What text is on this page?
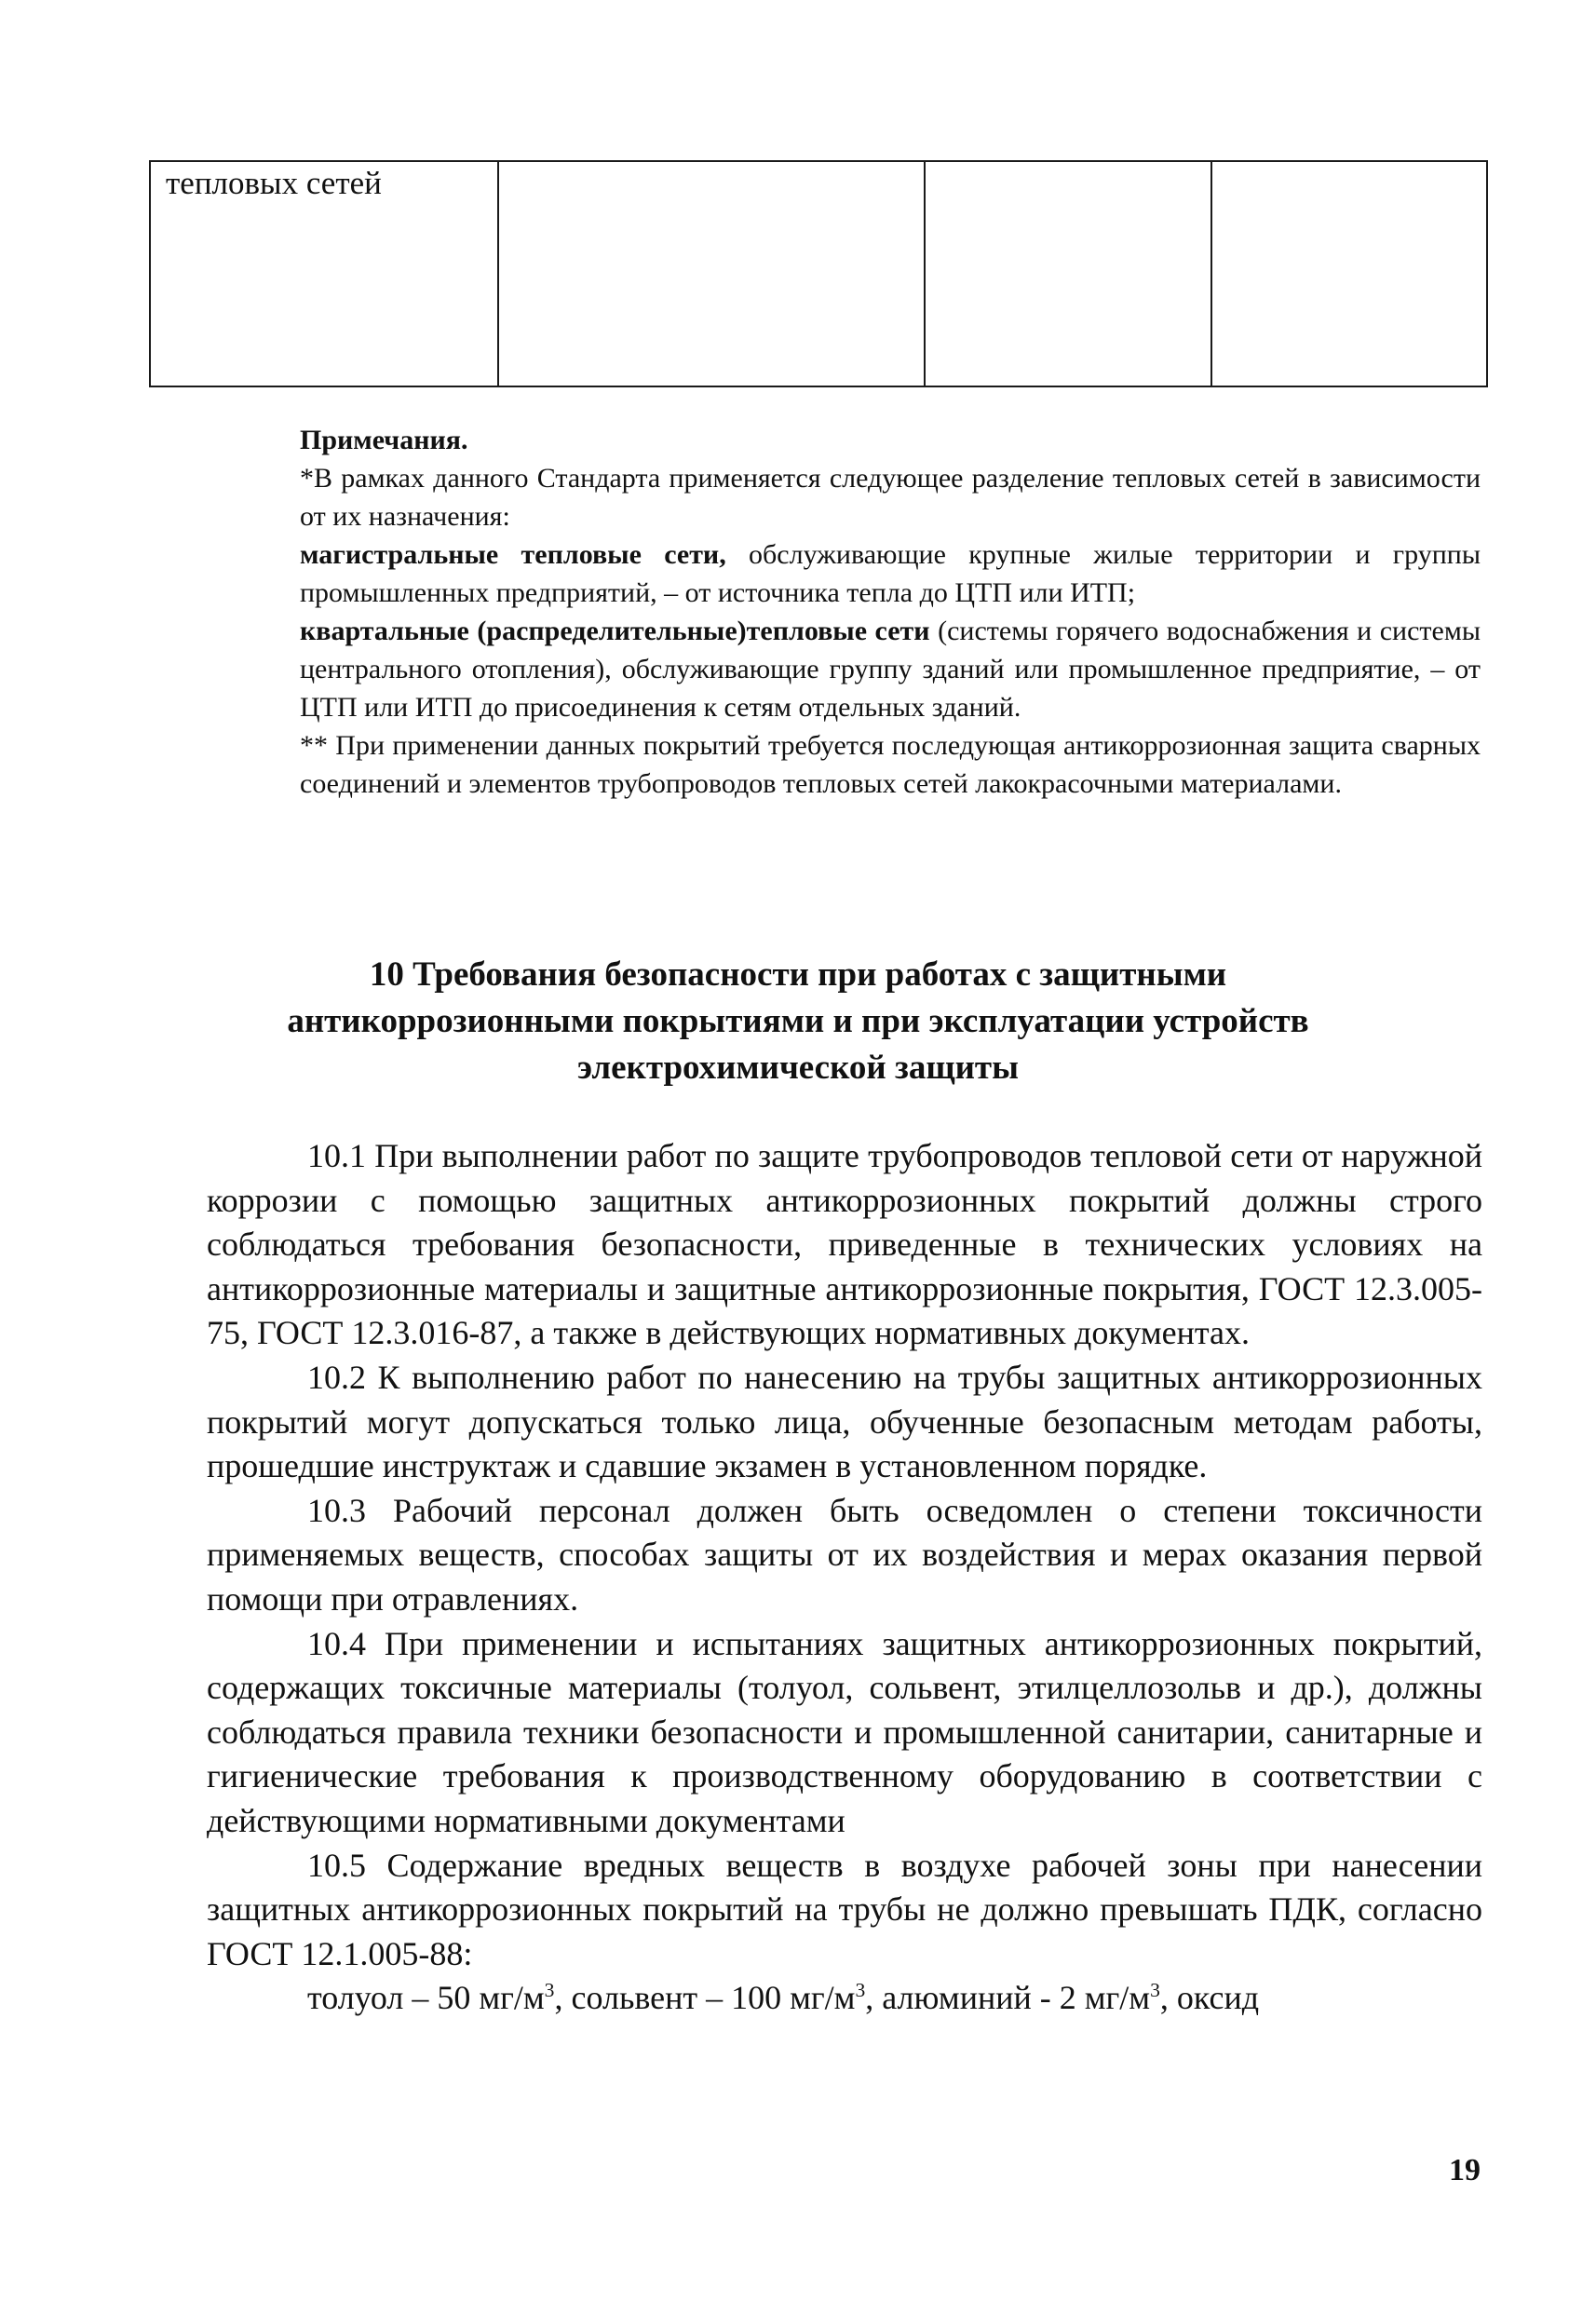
тепловых сетей			

Примечания.

*В рамках данного Стандарта применяется следующее разделение тепловых сетей в зависимости от их назначения:

магистральные тепловые сети, обслуживающие крупные жилые территории и группы промышленных предприятий, – от источника тепла до ЦТП или ИТП;

квартальные (распределительные)тепловые сети (системы горячего водоснабжения и системы центрального отопления), обслуживающие группу зданий или промышленное предприятие, – от ЦТП или ИТП до присоединения к сетям отдельных зданий.

** При применении данных покрытий требуется последующая антикоррозионная защита сварных соединений и элементов трубопроводов тепловых сетей лакокрасочными материалами.

10 Требования безопасности при работах с защитными
антикоррозионными покрытиями и при эксплуатации устройств
электрохимической защиты

10.1 При выполнении работ по защите трубопроводов тепловой сети от наружной коррозии с помощью защитных антикоррозионных покрытий должны строго соблюдаться требования безопасности, приведенные в технических условиях на антикоррозионные материалы и защитные антикоррозионные покрытия, ГОСТ 12.3.005-75, ГОСТ 12.3.016-87, а также в действующих нормативных документах.

10.2 К выполнению работ по нанесению на трубы защитных антикоррозионных покрытий могут допускаться только лица, обученные безопасным методам работы, прошедшие инструктаж и сдавшие экзамен в установленном порядке.

10.3 Рабочий персонал должен быть осведомлен о степени токсичности применяемых веществ, способах защиты от их воздействия и мерах оказания первой помощи при отравлениях.

10.4 При применении и испытаниях защитных антикоррозионных покрытий, содержащих токсичные материалы (толуол, сольвент, этилцеллозольв и др.), должны соблюдаться правила техники безопасности и промышленной санитарии, санитарные и гигиенические требования к производственному оборудованию в соответствии с действующими нормативными документами

10.5 Содержание вредных веществ в воздухе рабочей зоны при нанесении защитных антикоррозионных покрытий на трубы не должно превышать ПДК, согласно ГОСТ 12.1.005-88:

толуол – 50 $мг/м^3$, сольвент – 100 $мг/м^3$, алюминий - 2 $мг/м^3$, оксид

19
